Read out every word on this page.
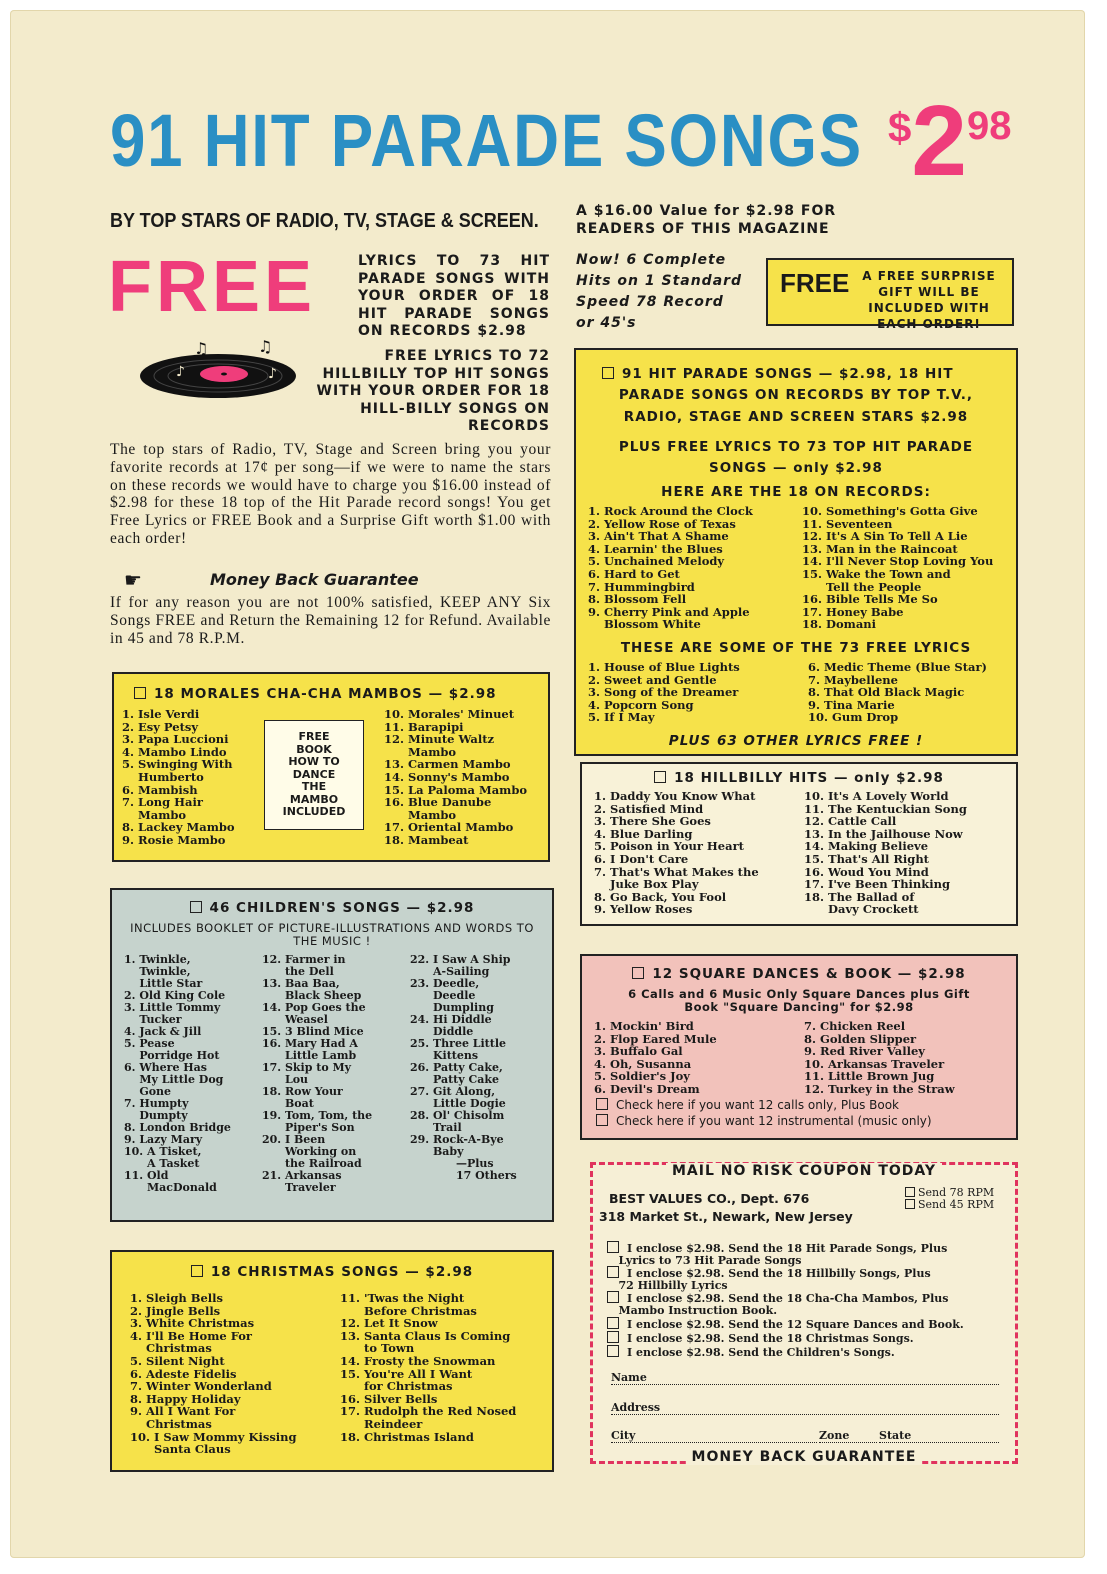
91 HIT PARADE SONGS $298
BY TOP STARS OF RADIO, TV, STAGE & SCREEN.	A $16.00 Value for $2.98 FOR READERS OF THIS MAGAZINE
FREE	LYRICS TO 73 HIT PARADE SONGS WITH YOUR ORDER OF 18 HIT PARADE SONGS ON RECORDS $2.98
FREE LYRICS TO 72 HILLBILLY TOP HIT SONGS WITH YOUR ORDER FOR 18 HILL-BILLY SONGS ON RECORDS
♪
♫	♫
♪
Now! 6 Complete Hits on 1 Standard Speed 78 Record or 45's
FREE	A FREE SURPRISE GIFT WILL BE INCLUDED WITH EACH ORDER!
The top stars of Radio, TV, Stage and Screen bring you your favorite records at 17¢ per song—if we were to name the stars on these records we would have to charge you $16.00 instead of $2.98 for these 18 top of the Hit Parade record songs! You get Free Lyrics or FREE Book and a Surprise Gift worth $1.00 with each order!
☛	Money Back Guarantee
If for any reason you are not 100% satisfied, KEEP ANY Six Songs FREE and Return the Remaining 12 for Refund. Available in 45 and 78 R.P.M.
91 HIT PARADE SONGS — $2.98, 18 HIT
PARADE SONGS ON RECORDS BY TOP T.V.,
RADIO, STAGE AND SCREEN STARS $2.98
PLUS FREE LYRICS TO 73 TOP HIT PARADE
SONGS — only $2.98
HERE ARE THE 18 ON RECORDS:
1. Rock Around the Clock
2. Yellow Rose of Texas
3. Ain't That A Shame
4. Learnin' the Blues
5. Unchained Melody
6. Hard to Get
7. Hummingbird
8. Blossom Fell
9. Cherry Pink and Apple
Blossom White
10. Something's Gotta Give
11. Seventeen
12. It's A Sin To Tell A Lie
13. Man in the Raincoat
14. I'll Never Stop Loving You
15. Wake the Town and
Tell the People
16. Bible Tells Me So
17. Honey Babe
18. Domani
THESE ARE SOME OF THE 73 FREE LYRICS
1. House of Blue Lights
2. Sweet and Gentle
3. Song of the Dreamer
4. Popcorn Song
5. If I May
6. Medic Theme (Blue Star)
7. Maybellene
8. That Old Black Magic
9. Tina Marie
10. Gum Drop
PLUS 63 OTHER LYRICS FREE !
18 MORALES CHA-CHA MAMBOS — $2.98
1. Isle Verdi
2. Esy Petsy
3. Papa Luccioni
4. Mambo Lindo
5. Swinging With
Humberto
6. Mambish
7. Long Hair
Mambo
8. Lackey Mambo
9. Rosie Mambo
10. Morales' Minuet
11. Barapipi
12. Minute Waltz
Mambo
13. Carmen Mambo
14. Sonny's Mambo
15. La Paloma Mambo
16. Blue Danube
Mambo
17. Oriental Mambo
18. Mambeat
FREE
BOOK
HOW TO
DANCE
THE
MAMBO
INCLUDED
18 HILLBILLY HITS — only $2.98
1. Daddy You Know What
2. Satisfied Mind
3. There She Goes
4. Blue Darling
5. Poison in Your Heart
6. I Don't Care
7. That's What Makes the
Juke Box Play
8. Go Back, You Fool
9. Yellow Roses
10. It's A Lovely World
11. The Kentuckian Song
12. Cattle Call
13. In the Jailhouse Now
14. Making Believe
15. That's All Right
16. Woud You Mind
17. I've Been Thinking
18. The Ballad of
Davy Crockett
46 CHILDREN'S SONGS — $2.98
INCLUDES BOOKLET OF PICTURE-ILLUSTRATIONS AND WORDS TO THE MUSIC !
1. Twinkle,
Twinkle,
Little Star
2. Old King Cole
3. Little Tommy
Tucker
4. Jack & Jill
5. Pease
Porridge Hot
6. Where Has
My Little Dog
Gone
7. Humpty
Dumpty
8. London Bridge
9. Lazy Mary
10. A Tisket,
A Tasket
11. Old
MacDonald
12. Farmer in
the Dell
13. Baa Baa,
Black Sheep
14. Pop Goes the
Weasel
15. 3 Blind Mice
16. Mary Had A
Little Lamb
17. Skip to My
Lou
18. Row Your
Boat
19. Tom, Tom, the
Piper's Son
20. I Been
Working on
the Railroad
21. Arkansas
Traveler
22. I Saw A Ship
A-Sailing
23. Deedle,
Deedle
Dumpling
24. Hi Diddle
Diddle
25. Three Little
Kittens
26. Patty Cake,
Patty Cake
27. Git Along,
Little Dogie
28. Ol' Chisolm
Trail
29. Rock-A-Bye
Baby
—Plus
17 Others
12 SQUARE DANCES & BOOK — $2.98
6 Calls and 6 Music Only Square Dances plus Gift Book "Square Dancing" for $2.98
1. Mockin' Bird
2. Flop Eared Mule
3. Buffalo Gal
4. Oh, Susanna
5. Soldier's Joy
6. Devil's Dream
7. Chicken Reel
8. Golden Slipper
9. Red River Valley
10. Arkansas Traveler
11. Little Brown Jug
12. Turkey in the Straw
Check here if you want 12 calls only, Plus Book
Check here if you want 12 instrumental (music only)
18 CHRISTMAS SONGS — $2.98
1. Sleigh Bells
2. Jingle Bells
3. White Christmas
4. I'll Be Home For
Christmas
5. Silent Night
6. Adeste Fidelis
7. Winter Wonderland
8. Happy Holiday
9. All I Want For
Christmas
10. I Saw Mommy Kissing
Santa Claus
11. 'Twas the Night
Before Christmas
12. Let It Snow
13. Santa Claus Is Coming
to Town
14. Frosty the Snowman
15. You're All I Want
for Christmas
16. Silver Bells
17. Rudolph the Red Nosed
Reindeer
18. Christmas Island
MAIL NO RISK COUPON TODAY
BEST VALUES CO., Dept. 676
318 Market St., Newark, New Jersey
Send 78 RPM
Send 45 RPM
I enclose $2.98. Send the 18 Hit Parade Songs, Plus
Lyrics to 73 Hit Parade Songs
I enclose $2.98. Send the 18 Hillbilly Songs, Plus
72 Hillbilly Lyrics
I enclose $2.98. Send the 18 Cha-Cha Mambos, Plus
Mambo Instruction Book.
I enclose $2.98. Send the 12 Square Dances and Book.
I enclose $2.98. Send the 18 Christmas Songs.
I enclose $2.98. Send the Children's Songs.
Name
Address
City	Zone	State
MONEY BACK GUARANTEE
